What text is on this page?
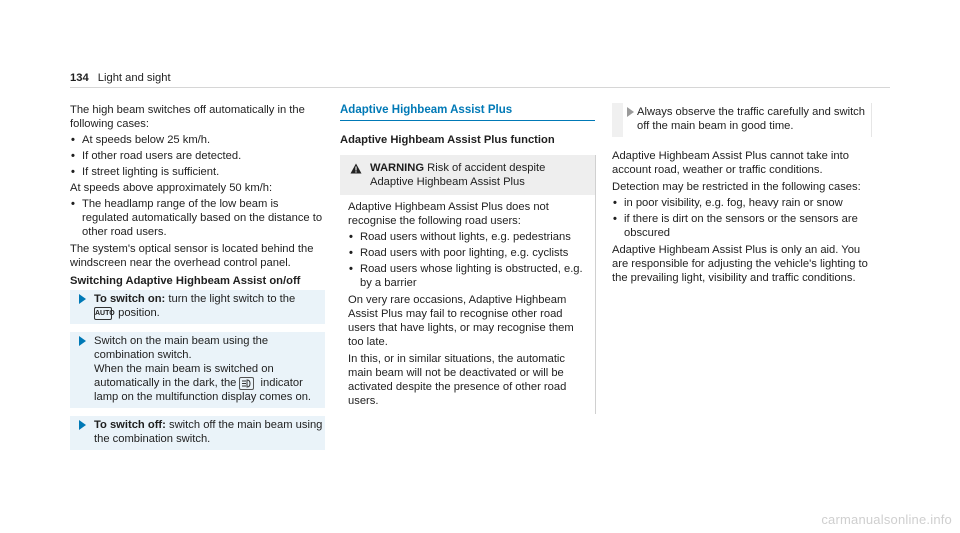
134 Light and sight

The high beam switches off automatically in the following cases:

• At speeds below 25 km/h.
• If other road users are detected.
• If street lighting is sufficient.

At speeds above approximately 50 km/h:

• The headlamp range of the low beam is regulated automatically based on the distance to other road users.

The system's optical sensor is located behind the windscreen near the overhead control panel.

Switching Adaptive Highbeam Assist on/off
To switch on: turn the light switch to the
AUTO position.
Switch on the main beam using the combination switch.
When the main beam is switched on automatically in the dark, the
indicator lamp on the multifunction display comes on.
To switch off: switch off the main beam using the combination switch.
Adaptive Highbeam Assist Plus
Adaptive Highbeam Assist Plus function
WARNING Risk of accident despite Adaptive Highbeam Assist Plus

Adaptive Highbeam Assist Plus does not recognise the following road users:

• Road users without lights, e.g. pedestrians
• Road users with poor lighting, e.g. cyclists
• Road users whose lighting is obstructed, e.g. by a barrier

On very rare occasions, Adaptive Highbeam Assist Plus may fail to recognise other road users that have lights, or may recognise them too late.

In this, or in similar situations, the automatic main beam will not be deactivated or will be activated despite the presence of other road users.

Always observe the traffic carefully and switch off the main beam in good time.

Adaptive Highbeam Assist Plus cannot take into account road, weather or traffic conditions.

Detection may be restricted in the following cases:

• in poor visibility, e.g. fog, heavy rain or snow
• if there is dirt on the sensors or the sensors are obscured

Adaptive Highbeam Assist Plus is only an aid. You are responsible for adjusting the vehicle's lighting to the prevailing light, visibility and traffic conditions.

carmanualsonline.info
